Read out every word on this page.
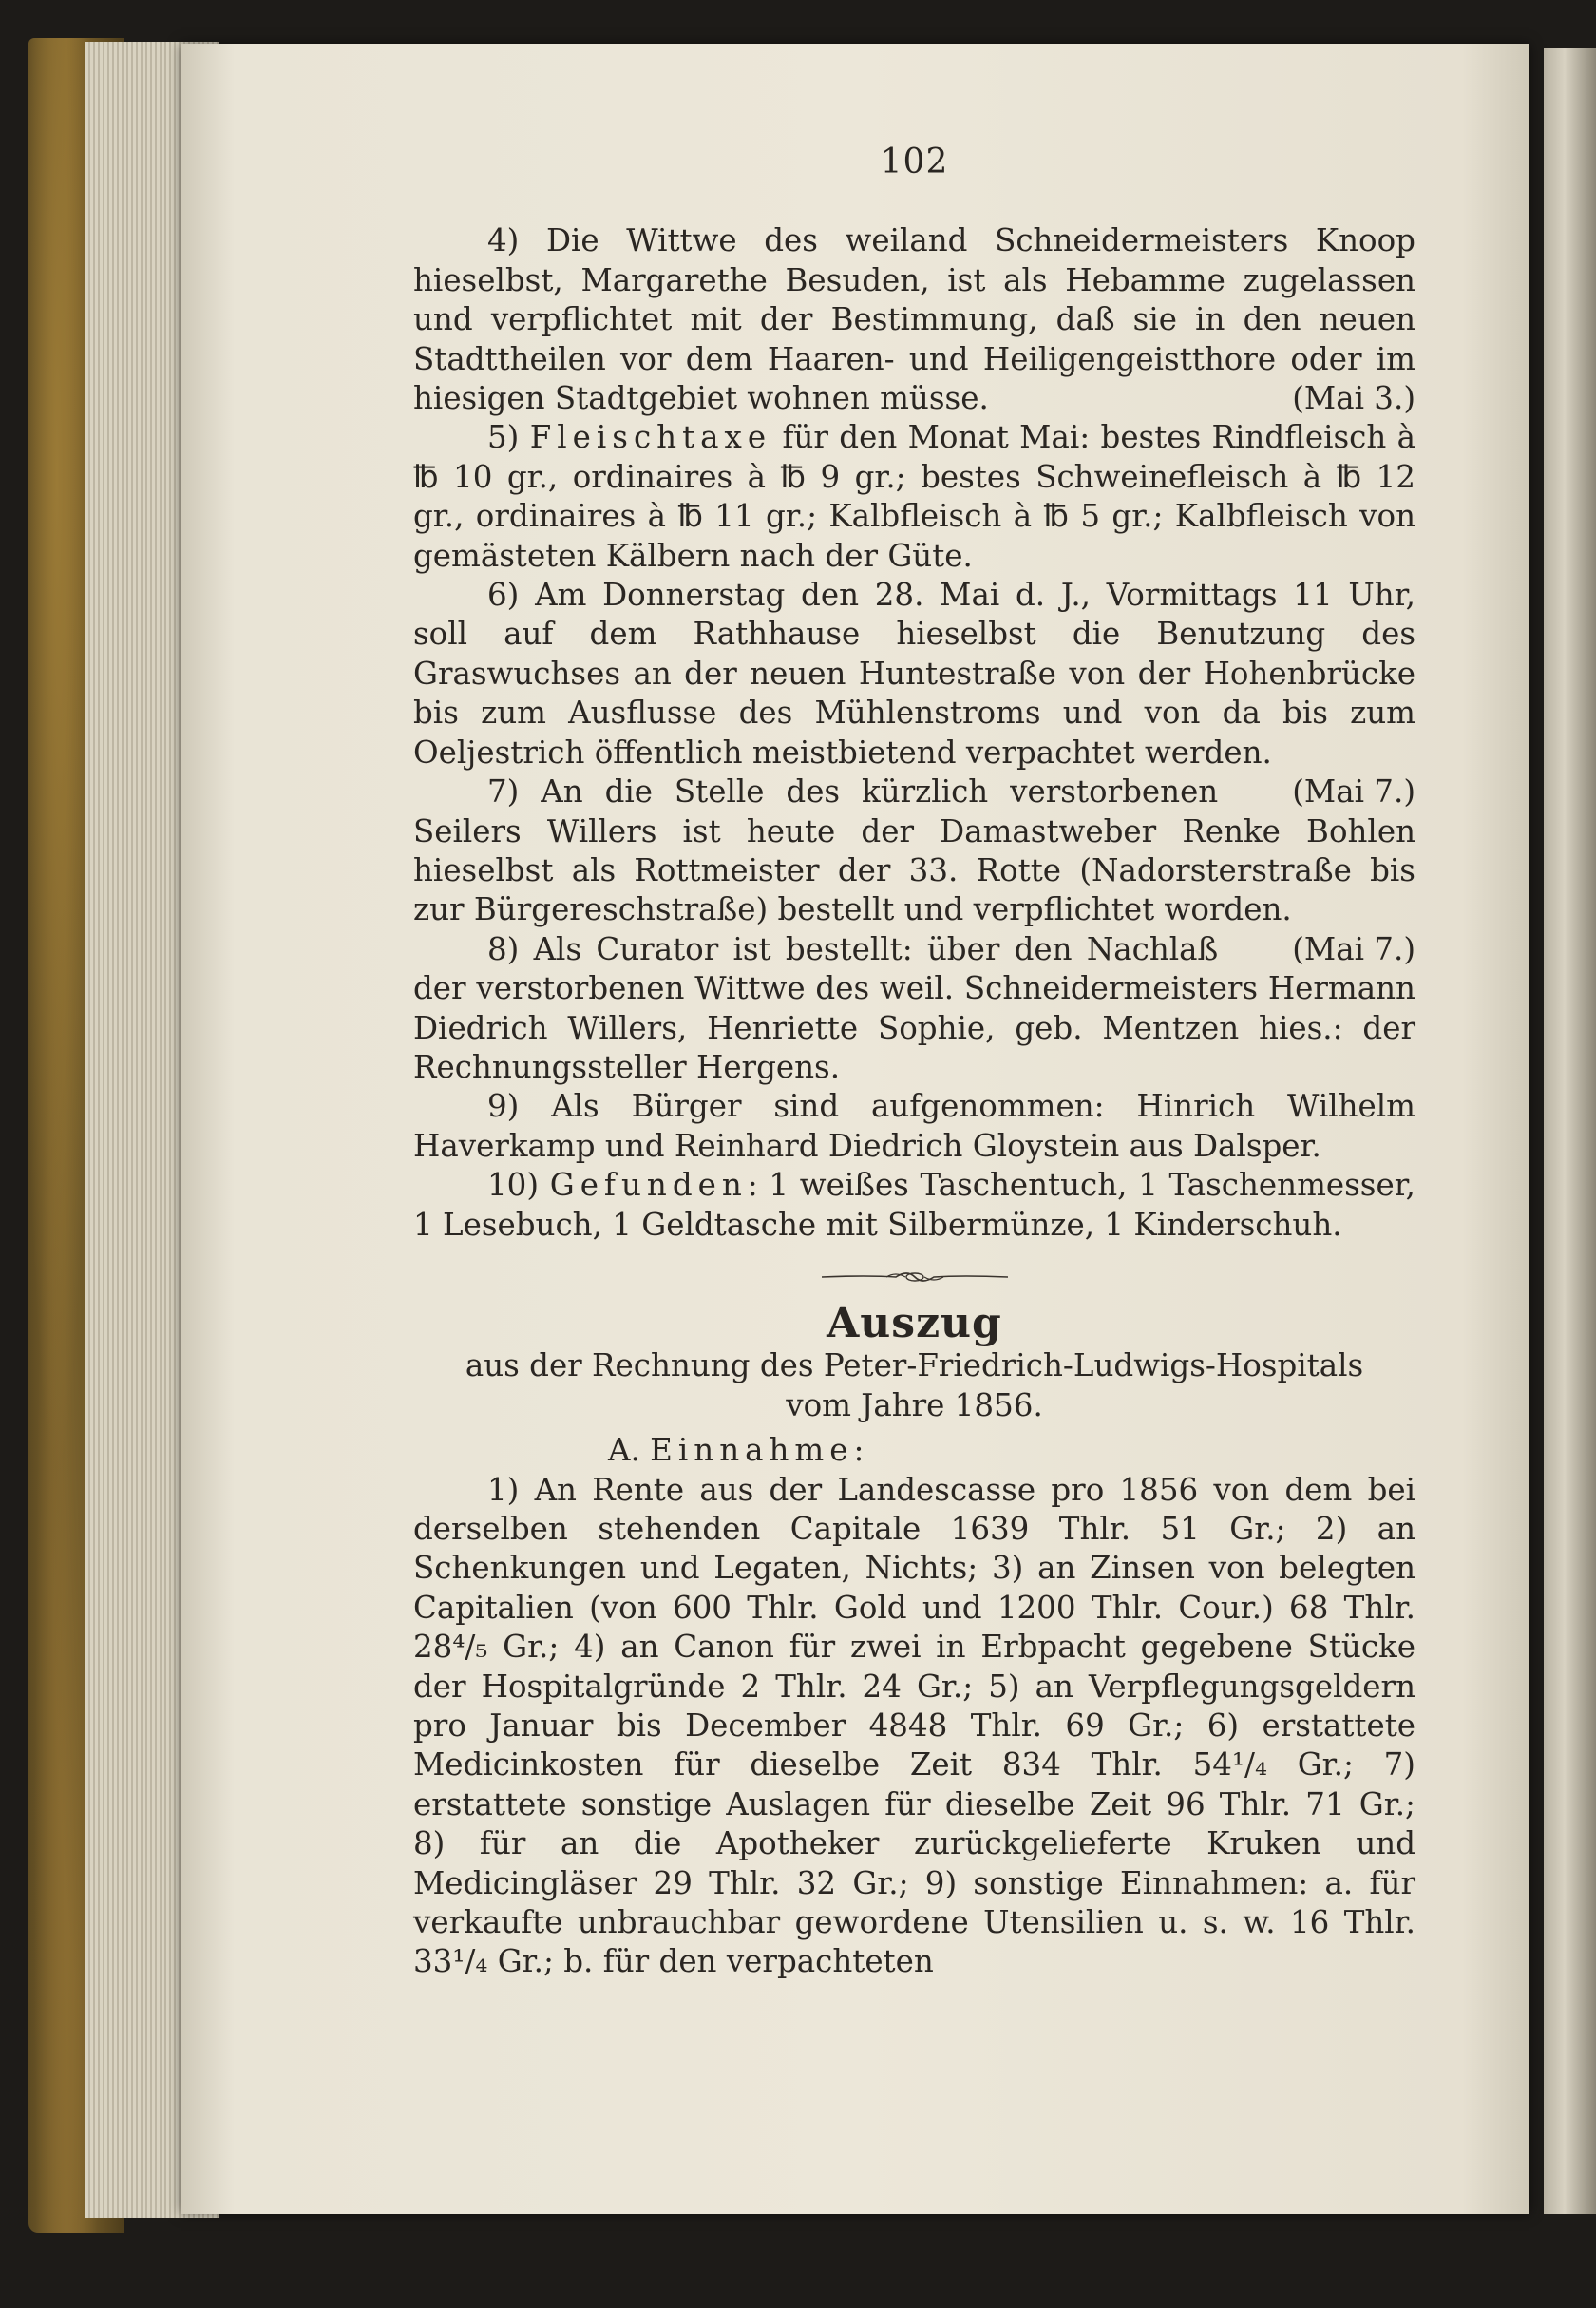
102

4) Die Wittwe des weiland Schneidermeisters Knoop hieselbst, Margarethe Besuden, ist als Hebamme zugelassen und verpflichtet mit der Bestimmung, daß sie in den neuen Stadttheilen vor dem Haaren- und Heiligengeistthore oder im hiesigen Stadtgebiet wohnen müsse.	(Mai 3.)

5) Fleischtaxe für den Monat Mai: bestes Rindfleisch à ℔ 10 gr., ordinaires à ℔ 9 gr.; bestes Schweinefleisch à ℔ 12 gr., ordinaires à ℔ 11 gr.; Kalbfleisch à ℔ 5 gr.; Kalbfleisch von gemästeten Kälbern nach der Güte.

6) Am Donnerstag den 28. Mai d. J., Vormittags 11 Uhr, soll auf dem Rathhause hieselbst die Benutzung des Graswuchses an der neuen Huntestraße von der Hohenbrücke bis zum Ausflusse des Mühlenstroms und von da bis zum Oeljestrich öffentlich meistbietend verpachtet werden.
(Mai 7.)

7) An die Stelle des kürzlich verstorbenen Seilers Willers ist heute der Damastweber Renke Bohlen hieselbst als Rottmeister der 33. Rotte (Nadorsterstraße bis zur Bürgereschstraße) bestellt und verpflichtet worden.
(Mai 7.)

8) Als Curator ist bestellt: über den Nachlaß der verstorbenen Wittwe des weil. Schneidermeisters Hermann Diedrich Willers, Henriette Sophie, geb. Mentzen hies.: der Rechnungssteller Hergens.

9) Als Bürger sind aufgenommen: Hinrich Wilhelm Haverkamp und Reinhard Diedrich Gloystein aus Dalsper.

10) Gefunden: 1 weißes Taschentuch, 1 Taschenmesser, 1 Lesebuch, 1 Geldtasche mit Silbermünze, 1 Kinderschuh.

Auszug

aus der Rechnung des Peter-Friedrich-Ludwigs-Hospitals

vom Jahre 1856.

A. Einnahme:

1) An Rente aus der Landescasse pro 1856 von dem bei derselben stehenden Capitale 1639 Thlr. 51 Gr.; 2) an Schenkungen und Legaten, Nichts; 3) an Zinsen von belegten Capitalien (von 600 Thlr. Gold und 1200 Thlr. Cour.) 68 Thlr. 28⁴/₅ Gr.; 4) an Canon für zwei in Erbpacht gegebene Stücke der Hospitalgründe 2 Thlr. 24 Gr.; 5) an Verpflegungsgeldern pro Januar bis December 4848 Thlr. 69 Gr.; 6) erstattete Medicinkosten für dieselbe Zeit 834 Thlr. 54¹/₄ Gr.; 7) erstattete sonstige Auslagen für dieselbe Zeit 96 Thlr. 71 Gr.; 8) für an die Apotheker zurückgelieferte Kruken und Medicingläser 29 Thlr. 32 Gr.; 9) sonstige Einnahmen: a. für verkaufte unbrauchbar gewordene Utensilien u. s. w. 16 Thlr. 33¹/₄ Gr.; b. für den verpachteten
